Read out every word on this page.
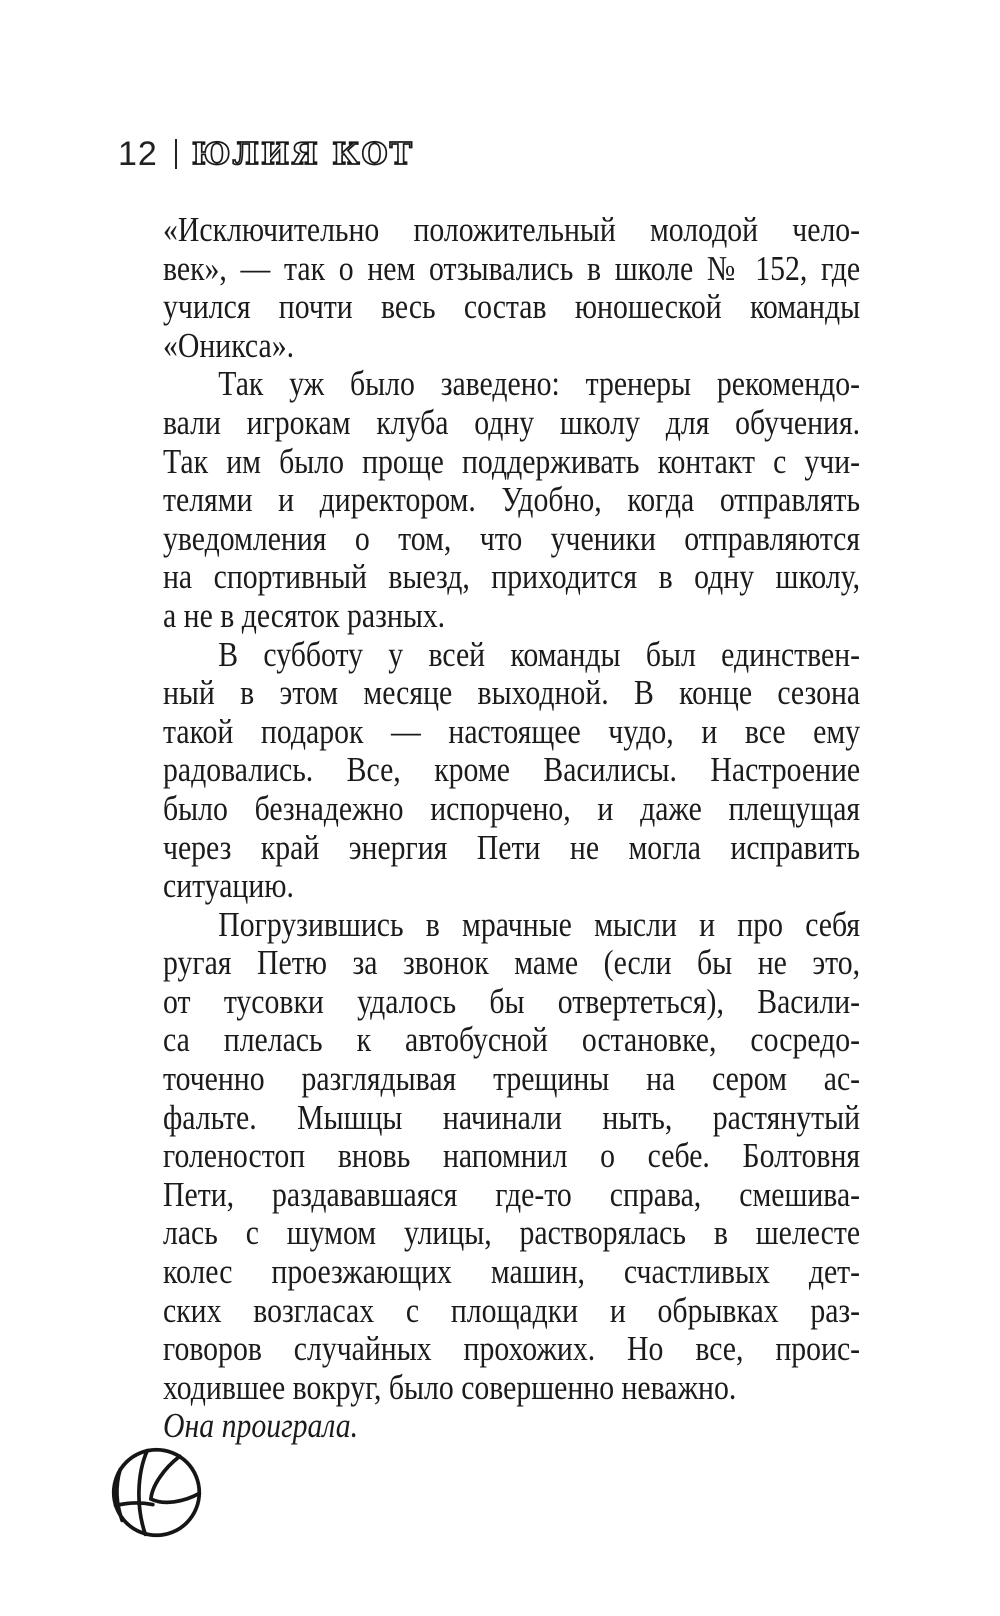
12 ЮЛИЯ КОТ
«Исключительно положительный молодой чело-
век», — так о нем отзывались в школе № 152, где
учился почти весь состав юношеской команды
«Оникса».
Так уж было заведено: тренеры рекомендо-
вали игрокам клуба одну школу для обучения.
Так им было проще поддерживать контакт с учи-
телями и директором. Удобно, когда отправлять
уведомления о том, что ученики отправляются
на спортивный выезд, приходится в одну школу,
а не в десяток разных.
В субботу у всей команды был единствен-
ный в этом месяце выходной. В конце сезона
такой подарок — настоящее чудо, и все ему
радовались. Все, кроме Василисы. Настроение
было безнадежно испорчено, и даже плещущая
через край энергия Пети не могла исправить
ситуацию.
Погрузившись в мрачные мысли и про себя
ругая Петю за звонок маме (если бы не это,
от тусовки удалось бы отвертеться), Васили-
са плелась к автобусной остановке, сосредо-
точенно разглядывая трещины на сером ас-
фальте. Мышцы начинали ныть, растянутый
голеностоп вновь напомнил о себе. Болтовня
Пети, раздававшаяся где-то справа, смешива-
лась с шумом улицы, растворялась в шелесте
колес проезжающих машин, счастливых дет-
ских возгласах с площадки и обрывках раз-
говоров случайных прохожих. Но все, проис-
ходившее вокруг, было совершенно неважно.
Она проиграла.
